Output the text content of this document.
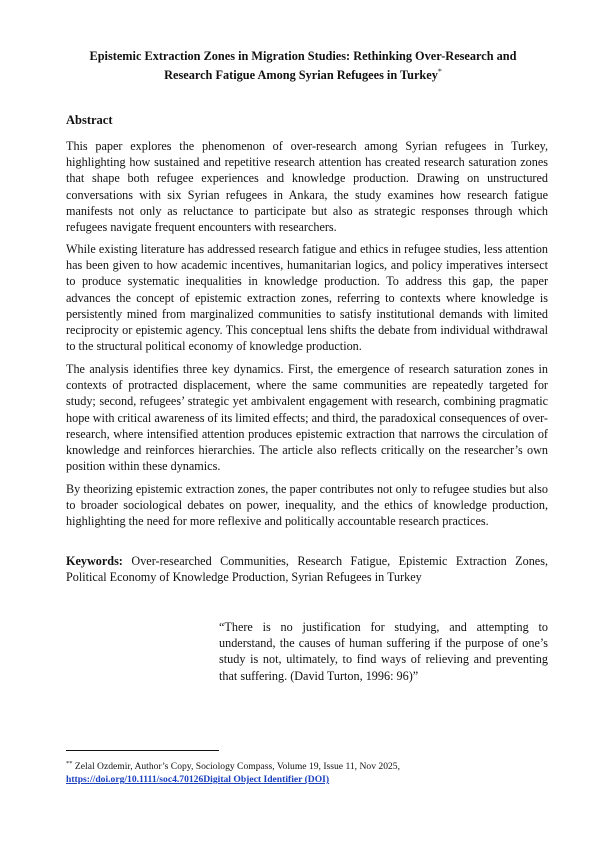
Epistemic Extraction Zones in Migration Studies: Rethinking Over-Research and Research Fatigue Among Syrian Refugees in Turkey*
Abstract
This paper explores the phenomenon of over-research among Syrian refugees in Turkey, highlighting how sustained and repetitive research attention has created research saturation zones that shape both refugee experiences and knowledge production. Drawing on unstructured conversations with six Syrian refugees in Ankara, the study examines how research fatigue manifests not only as reluctance to participate but also as strategic responses through which refugees navigate frequent encounters with researchers.
While existing literature has addressed research fatigue and ethics in refugee studies, less attention has been given to how academic incentives, humanitarian logics, and policy imperatives intersect to produce systematic inequalities in knowledge production. To address this gap, the paper advances the concept of epistemic extraction zones, referring to contexts where knowledge is persistently mined from marginalized communities to satisfy institutional demands with limited reciprocity or epistemic agency. This conceptual lens shifts the debate from individual withdrawal to the structural political economy of knowledge production.
The analysis identifies three key dynamics. First, the emergence of research saturation zones in contexts of protracted displacement, where the same communities are repeatedly targeted for study; second, refugees’ strategic yet ambivalent engagement with research, combining pragmatic hope with critical awareness of its limited effects; and third, the paradoxical consequences of over-research, where intensified attention produces epistemic extraction that narrows the circulation of knowledge and reinforces hierarchies. The article also reflects critically on the researcher’s own position within these dynamics.
By theorizing epistemic extraction zones, the paper contributes not only to refugee studies but also to broader sociological debates on power, inequality, and the ethics of knowledge production, highlighting the need for more reflexive and politically accountable research practices.
Keywords: Over-researched Communities, Research Fatigue, Epistemic Extraction Zones, Political Economy of Knowledge Production, Syrian Refugees in Turkey
“There is no justification for studying, and attempting to understand, the causes of human suffering if the purpose of one’s study is not, ultimately, to find ways of relieving and preventing that suffering. (David Turton, 1996: 96)”
** Zelal Ozdemir, Author’s Copy, Sociology Compass, Volume 19, Issue 11, Nov 2025,
https://doi.org/10.1111/soc4.70126Digital Object Identifier (DOI)
